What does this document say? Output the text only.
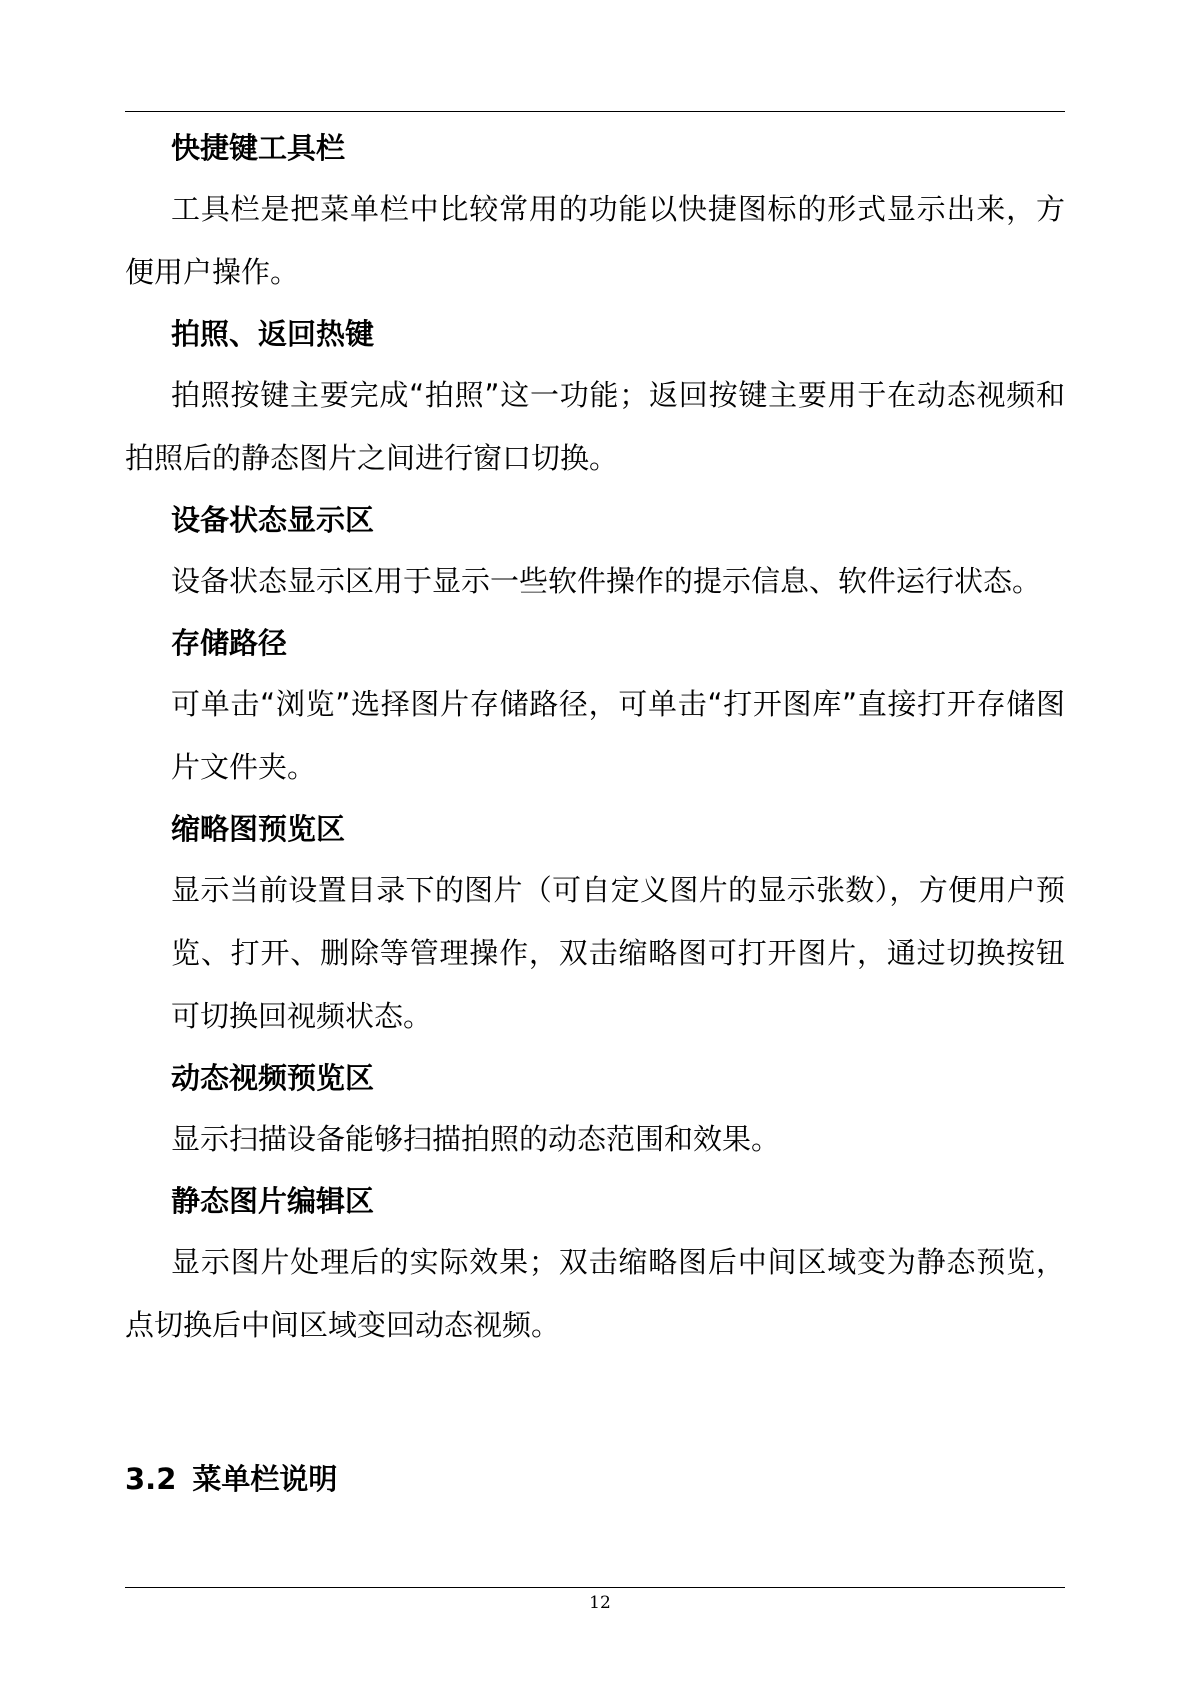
快捷键工具栏

工具栏是把菜单栏中比较常用的功能以快捷图标的形式显示出来，方便用户操作。

拍照、返回热键

拍照按键主要完成“拍照”这一功能；返回按键主要用于在动态视频和拍照后的静态图片之间进行窗口切换。

设备状态显示区

设备状态显示区用于显示一些软件操作的提示信息、软件运行状态。

存储路径

可单击“浏览”选择图片存储路径，可单击“打开图库”直接打开存储图片文件夹。

缩略图预览区

显示当前设置目录下的图片（可自定义图片的显示张数），方便用户预览、打开、删除等管理操作，双击缩略图可打开图片，通过切换按钮可切换回视频状态。

动态视频预览区

显示扫描设备能够扫描拍照的动态范围和效果。

静态图片编辑区

显示图片处理后的实际效果；双击缩略图后中间区域变为静态预览，点切换后中间区域变回动态视频。

3.2 菜单栏说明
12
